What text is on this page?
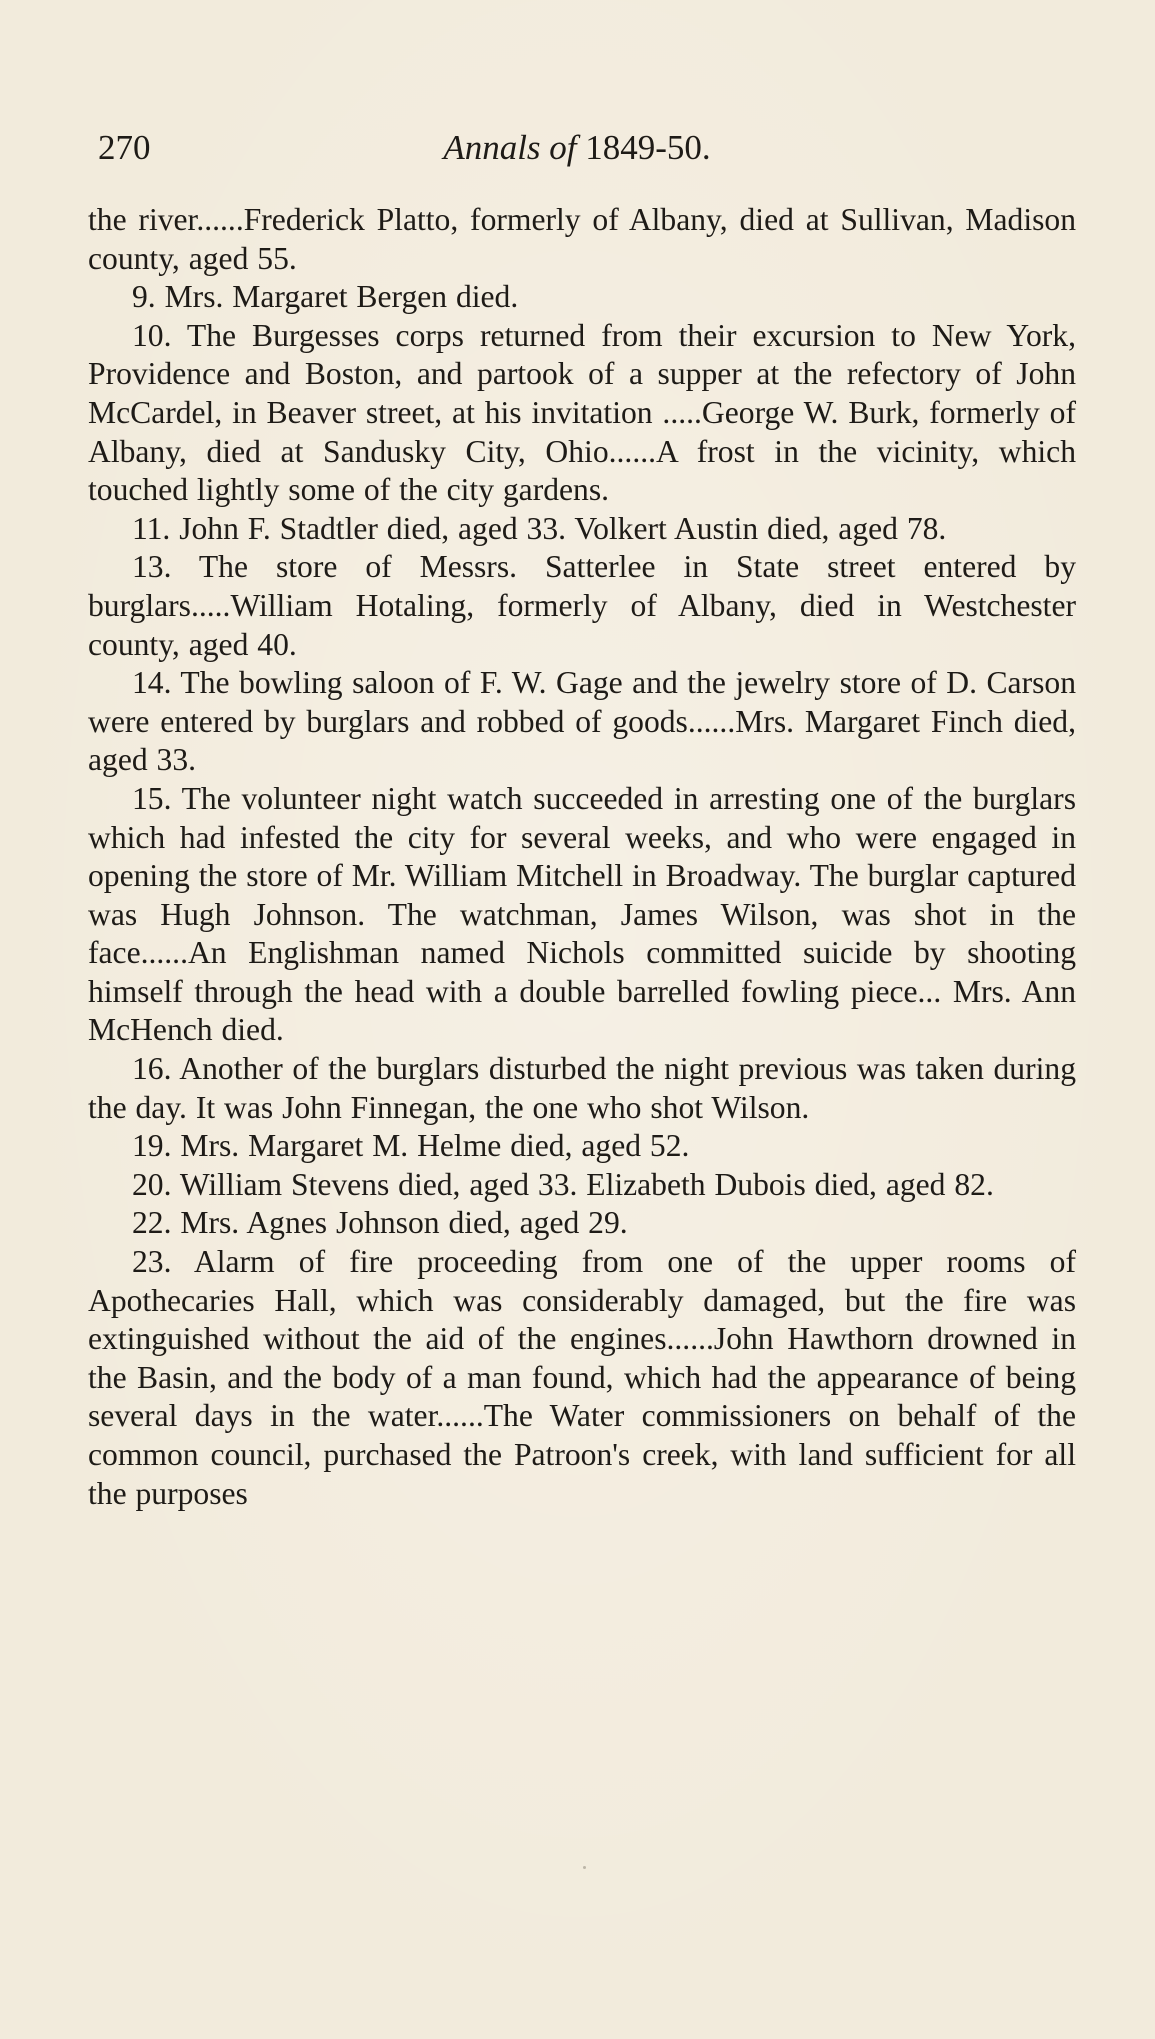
270	Annals of 1849-50.

the river......Frederick Platto, formerly of Albany, died at Sullivan, Madison county, aged 55.

9. Mrs. Margaret Bergen died.

10. The Burgesses corps returned from their excursion to New York, Providence and Boston, and partook of a supper at the refectory of John McCardel, in Beaver street, at his invitation .....George W. Burk, formerly of Albany, died at Sandusky City, Ohio......A frost in the vicinity, which touched lightly some of the city gardens.

11. John F. Stadtler died, aged 33. Volkert Austin died, aged 78.

13. The store of Messrs. Satterlee in State street entered by burglars.....William Hotaling, formerly of Albany, died in Westchester county, aged 40.

14. The bowling saloon of F. W. Gage and the jewelry store of D. Carson were entered by burglars and robbed of goods......Mrs. Margaret Finch died, aged 33.

15. The volunteer night watch succeeded in arresting one of the burglars which had infested the city for several weeks, and who were engaged in opening the store of Mr. William Mitchell in Broadway. The burglar captured was Hugh Johnson. The watchman, James Wilson, was shot in the face......An Englishman named Nichols committed suicide by shooting himself through the head with a double barrelled fowling piece... Mrs. Ann McHench died.

16. Another of the burglars disturbed the night previous was taken during the day. It was John Finnegan, the one who shot Wilson.

19. Mrs. Margaret M. Helme died, aged 52.

20. William Stevens died, aged 33. Elizabeth Dubois died, aged 82.

22. Mrs. Agnes Johnson died, aged 29.

23. Alarm of fire proceeding from one of the upper rooms of Apothecaries Hall, which was considerably damaged, but the fire was extinguished without the aid of the engines......John Hawthorn drowned in the Basin, and the body of a man found, which had the appearance of being several days in the water......The Water commissioners on behalf of the common council, purchased the Patroon's creek, with land sufficient for all the purposes
